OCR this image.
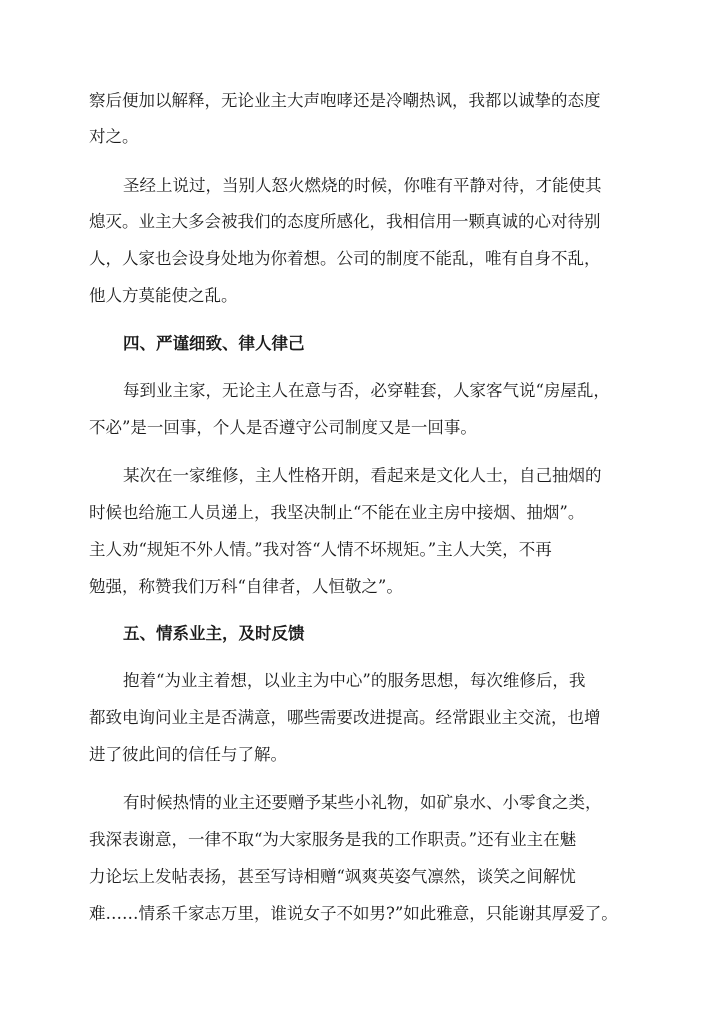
察后便加以解释，无论业主大声咆哮还是冷嘲热讽，我都以诚挚的态度
对之。
圣经上说过，当别人怒火燃烧的时候，你唯有平静对待，才能使其
熄灭。业主大多会被我们的态度所感化，我相信用一颗真诚的心对待别
人，人家也会设身处地为你着想。公司的制度不能乱，唯有自身不乱，
他人方莫能使之乱。
四、严谨细致、律人律己
每到业主家，无论主人在意与否，必穿鞋套，人家客气说“房屋乱，
不必”是一回事，个人是否遵守公司制度又是一回事。
某次在一家维修，主人性格开朗，看起来是文化人士，自己抽烟的
时候也给施工人员递上，我坚决制止“不能在业主房中接烟、抽烟”。
主人劝“规矩不外人情。”我对答“人情不坏规矩。”主人大笑，不再
勉强，称赞我们万科“自律者，人恒敬之”。
五、情系业主，及时反馈
抱着“为业主着想，以业主为中心”的服务思想，每次维修后，我
都致电询问业主是否满意，哪些需要改进提高。经常跟业主交流，也增
进了彼此间的信任与了解。
有时候热情的业主还要赠予某些小礼物，如矿泉水、小零食之类，
我深表谢意，一律不取“为大家服务是我的工作职责。”还有业主在魅
力论坛上发帖表扬，甚至写诗相赠“飒爽英姿气凛然，谈笑之间解忧
难……情系千家志万里，谁说女子不如男?”如此雅意，只能谢其厚爱了。
